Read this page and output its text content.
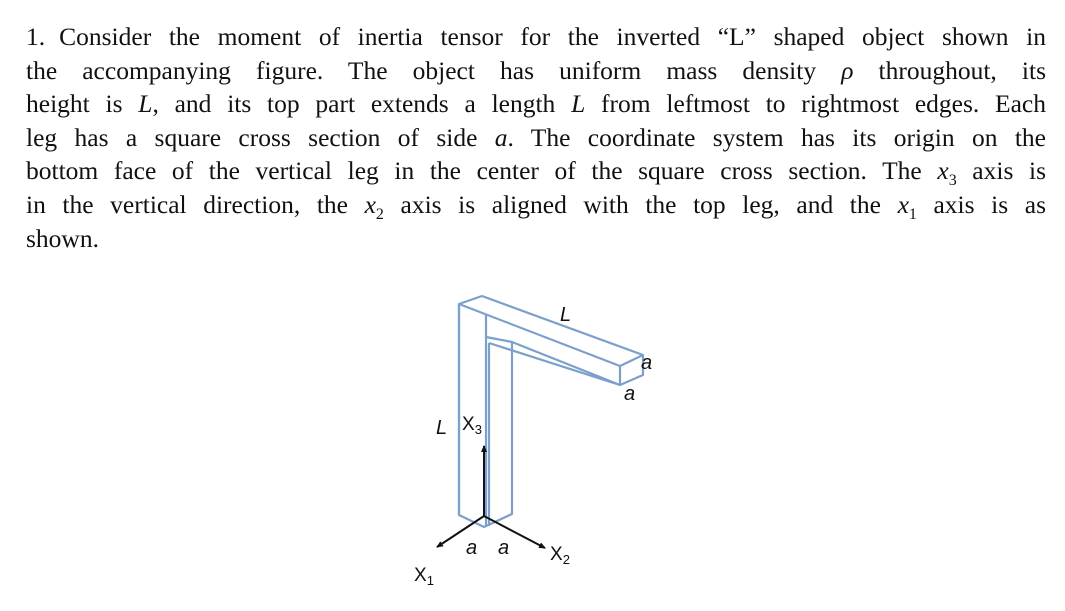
1. Consider the moment of inertia tensor for the inverted “L” shaped object shown in
the accompanying figure. The object has uniform mass density ρ throughout, its
height is L, and its top part extends a length L from leftmost to rightmost edges. Each
leg has a square cross section of side a. The coordinate system has its origin on the
bottom face of the vertical leg in the center of the square cross section. The $x_3$ axis is
in the vertical direction, the $x_2$ axis is aligned with the top leg, and the $x_1$ axis is as
shown.
L
L
a
a
a a
$X_3$
$X_2$
$X_1$
